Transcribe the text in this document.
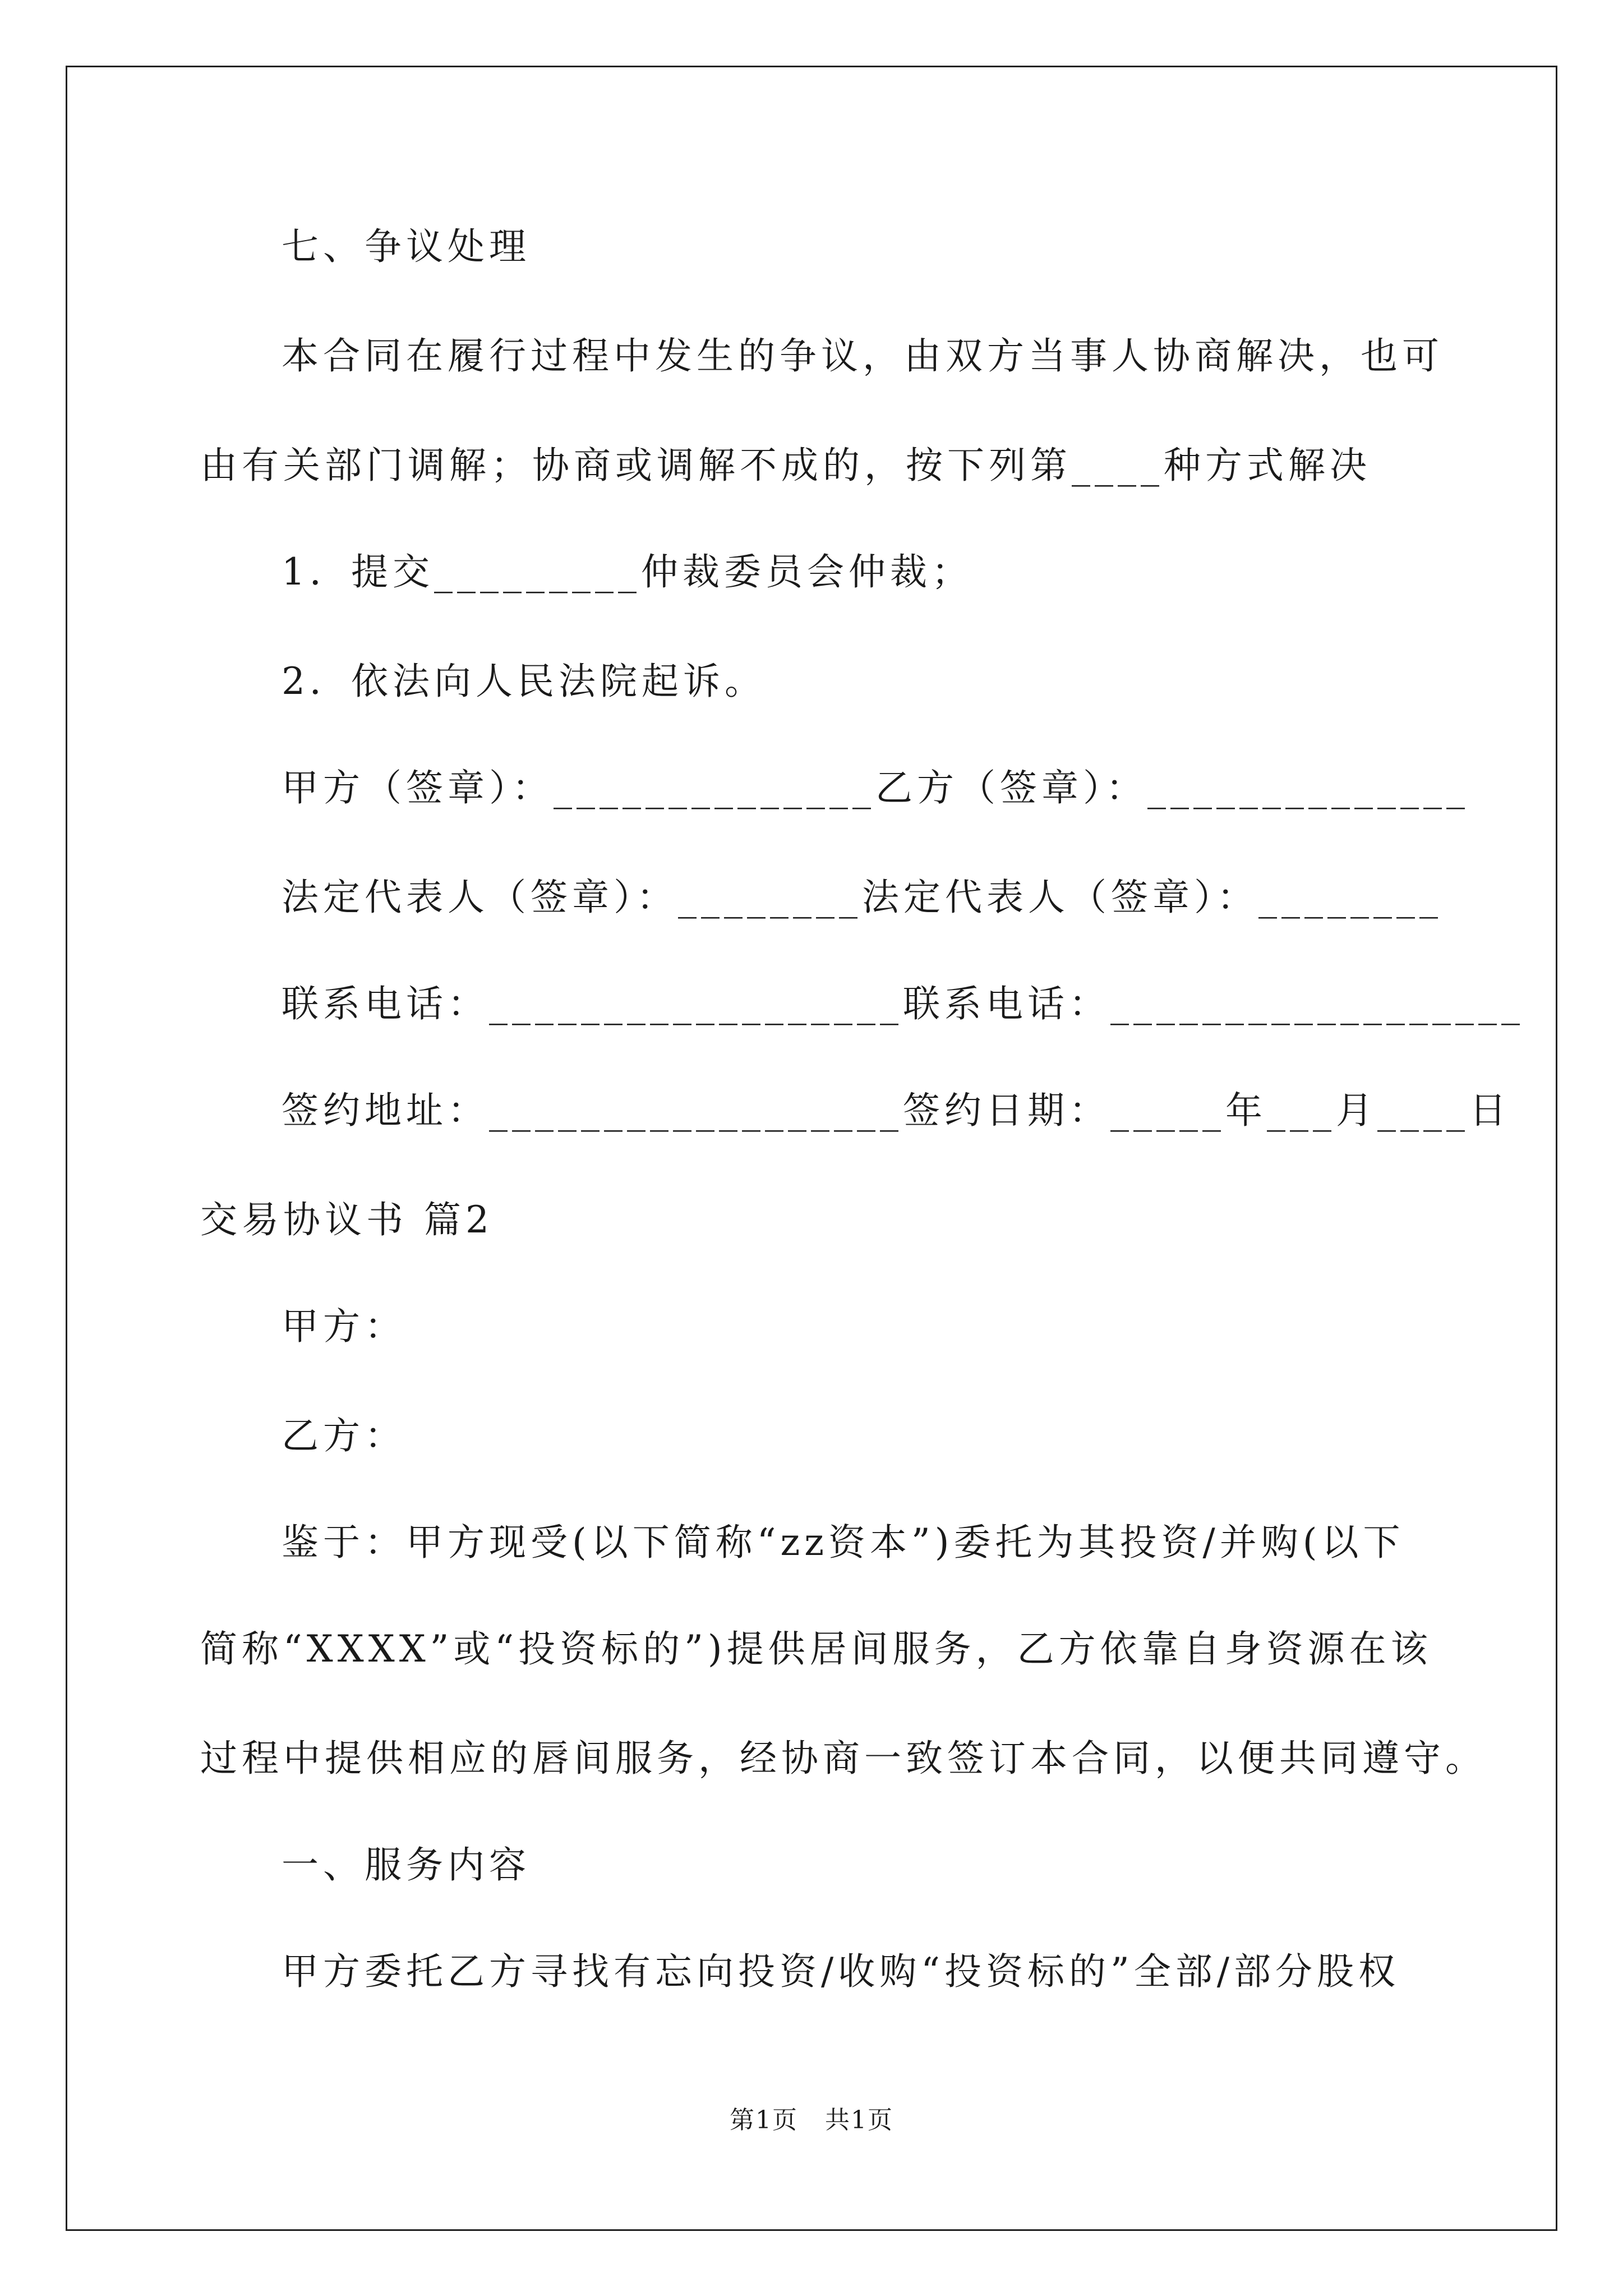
七、争议处理
本合同在履行过程中发生的争议，由双方当事人协商解决，也可
由有关部门调解；协商或调解不成的，按下列第____种方式解决
1．提交_________仲裁委员会仲裁；
2．依法向人民法院起诉。
甲方（签章）：______________乙方（签章）：______________
法定代表人（签章）：________法定代表人（签章）：________
联系电话：__________________联系电话：__________________
签约地址：__________________签约日期：_____年___月____日
交易协议书 篇2
甲方：
乙方：
鉴于：甲方现受(以下简称“zz资本”)委托为其投资/并购(以下
简称“XXXX”或“投资标的”)提供居间服务，乙方依靠自身资源在该
过程中提供相应的唇间服务，经协商一致签订本合同，以便共同遵守。
一、服务内容
甲方委托乙方寻找有忘向投资/收购“投资标的”全部/部分股权
第1页   共1页
